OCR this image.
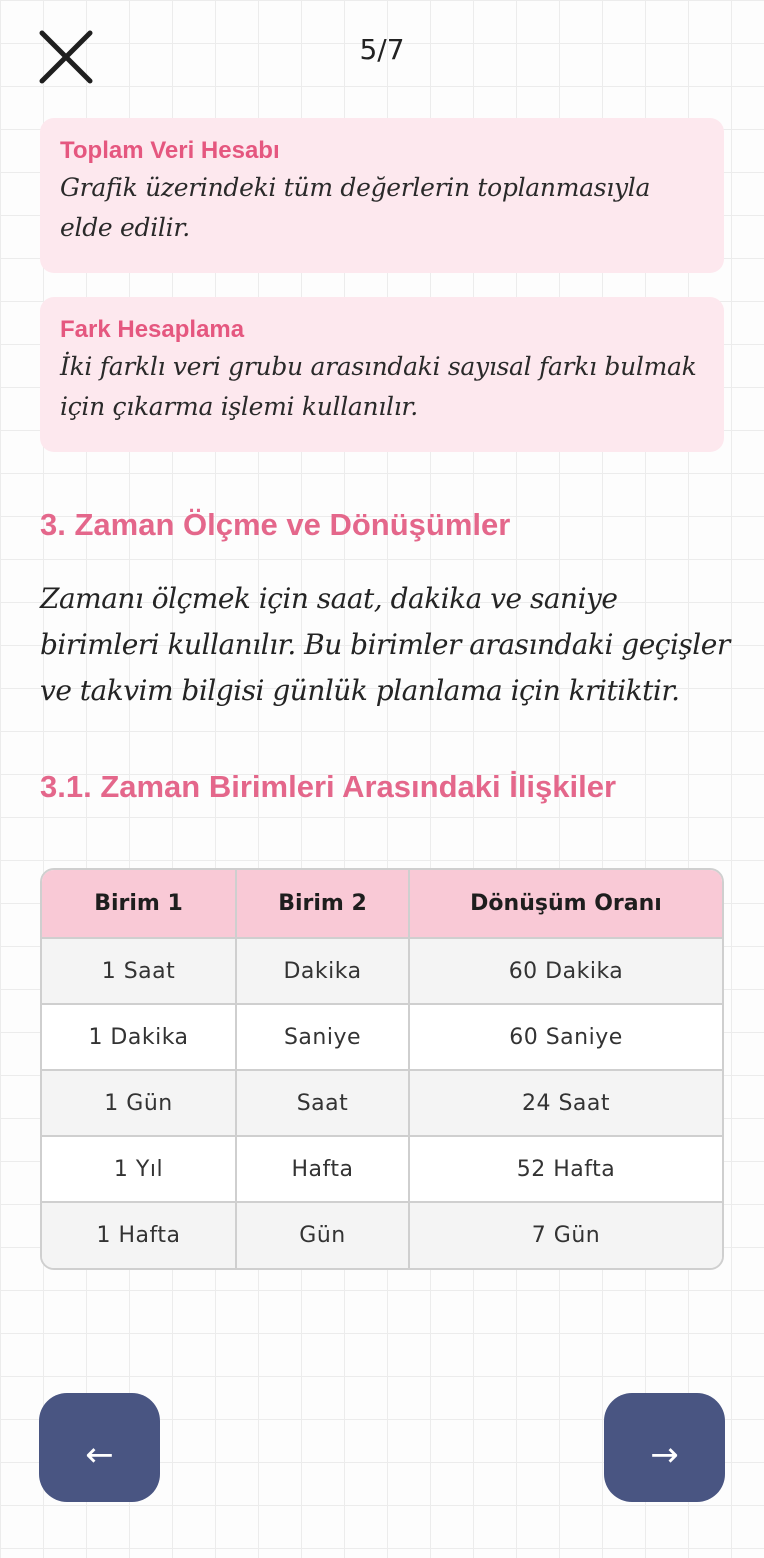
5/7
Toplam Veri Hesabı
Grafik üzerindeki tüm değerlerin toplanmasıyla elde edilir.
Fark Hesaplama
İki farklı veri grubu arasındaki sayısal farkı bulmak için çıkarma işlemi kullanılır.
3. Zaman Ölçme ve Dönüşümler
Zamanı ölçmek için saat, dakika ve saniye birimleri kullanılır. Bu birimler arasındaki geçişler ve takvim bilgisi günlük planlama için kritiktir.
3.1. Zaman Birimleri Arasındaki İlişkiler
Birim 1	Birim 2	Dönüşüm Oranı
1 Saat	Dakika	60 Dakika
1 Dakika	Saniye	60 Saniye
1 Gün	Saat	24 Saat
1 Yıl	Hafta	52 Hafta
1 Hafta	Gün	7 Gün
←	→
